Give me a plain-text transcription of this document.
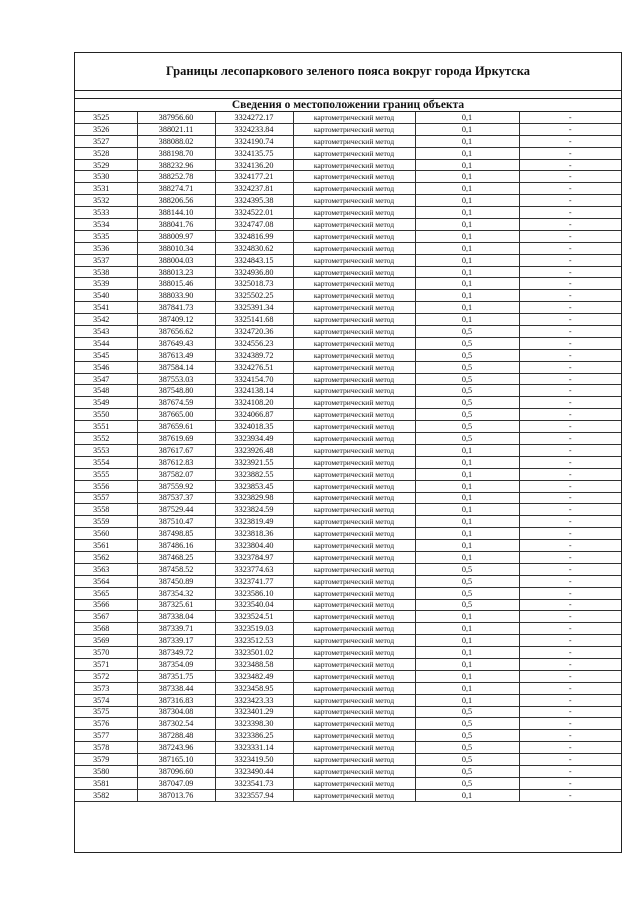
Границы лесопаркового зеленого пояса вокруг города Иркутска
Сведения о местоположении границ объекта
3525	387956.60	3324272.17	картометрический метод	0,1	-
3526	388021.11	3324233.84	картометрический метод	0,1	-
3527	388088.02	3324190.74	картометрический метод	0,1	-
3528	388198.70	3324135.75	картометрический метод	0,1	-
3529	388232.96	3324136.20	картометрический метод	0,1	-
3530	388252.78	3324177.21	картометрический метод	0,1	-
3531	388274.71	3324237.81	картометрический метод	0,1	-
3532	388206.56	3324395.38	картометрический метод	0,1	-
3533	388144.10	3324522.01	картометрический метод	0,1	-
3534	388041.76	3324747.08	картометрический метод	0,1	-
3535	388009.97	3324816.99	картометрический метод	0,1	-
3536	388010.34	3324830.62	картометрический метод	0,1	-
3537	388004.03	3324843.15	картометрический метод	0,1	-
3538	388013.23	3324936.80	картометрический метод	0,1	-
3539	388015.46	3325018.73	картометрический метод	0,1	-
3540	388033.90	3325502.25	картометрический метод	0,1	-
3541	387841.73	3325391.34	картометрический метод	0,1	-
3542	387409.12	3325141.68	картометрический метод	0,1	-
3543	387656.62	3324720.36	картометрический метод	0,5	-
3544	387649.43	3324556.23	картометрический метод	0,5	-
3545	387613.49	3324389.72	картометрический метод	0,5	-
3546	387584.14	3324276.51	картометрический метод	0,5	-
3547	387553.03	3324154.70	картометрический метод	0,5	-
3548	387548.80	3324138.14	картометрический метод	0,5	-
3549	387674.59	3324108.20	картометрический метод	0,5	-
3550	387665.00	3324066.87	картометрический метод	0,5	-
3551	387659.61	3324018.35	картометрический метод	0,5	-
3552	387619.69	3323934.49	картометрический метод	0,5	-
3553	387617.67	3323926.48	картометрический метод	0,1	-
3554	387612.83	3323921.55	картометрический метод	0,1	-
3555	387582.07	3323882.55	картометрический метод	0,1	-
3556	387559.92	3323853.45	картометрический метод	0,1	-
3557	387537.37	3323829.98	картометрический метод	0,1	-
3558	387529.44	3323824.59	картометрический метод	0,1	-
3559	387510.47	3323819.49	картометрический метод	0,1	-
3560	387498.85	3323818.36	картометрический метод	0,1	-
3561	387486.16	3323804.40	картометрический метод	0,1	-
3562	387468.25	3323784.97	картометрический метод	0,1	-
3563	387458.52	3323774.63	картометрический метод	0,5	-
3564	387450.89	3323741.77	картометрический метод	0,5	-
3565	387354.32	3323586.10	картометрический метод	0,5	-
3566	387325.61	3323540.04	картометрический метод	0,5	-
3567	387338.04	3323524.51	картометрический метод	0,1	-
3568	387339.71	3323519.03	картометрический метод	0,1	-
3569	387339.17	3323512.53	картометрический метод	0,1	-
3570	387349.72	3323501.02	картометрический метод	0,1	-
3571	387354.09	3323488.58	картометрический метод	0,1	-
3572	387351.75	3323482.49	картометрический метод	0,1	-
3573	387338.44	3323458.95	картометрический метод	0,1	-
3574	387316.83	3323423.33	картометрический метод	0,1	-
3575	387304.08	3323401.29	картометрический метод	0,5	-
3576	387302.54	3323398.30	картометрический метод	0,5	-
3577	387288.48	3323386.25	картометрический метод	0,5	-
3578	387243.96	3323331.14	картометрический метод	0,5	-
3579	387165.10	3323419.50	картометрический метод	0,5	-
3580	387096.60	3323490.44	картометрический метод	0,5	-
3581	387047.09	3323541.73	картометрический метод	0,5	-
3582	387013.76	3323557.94	картометрический метод	0,1	-
